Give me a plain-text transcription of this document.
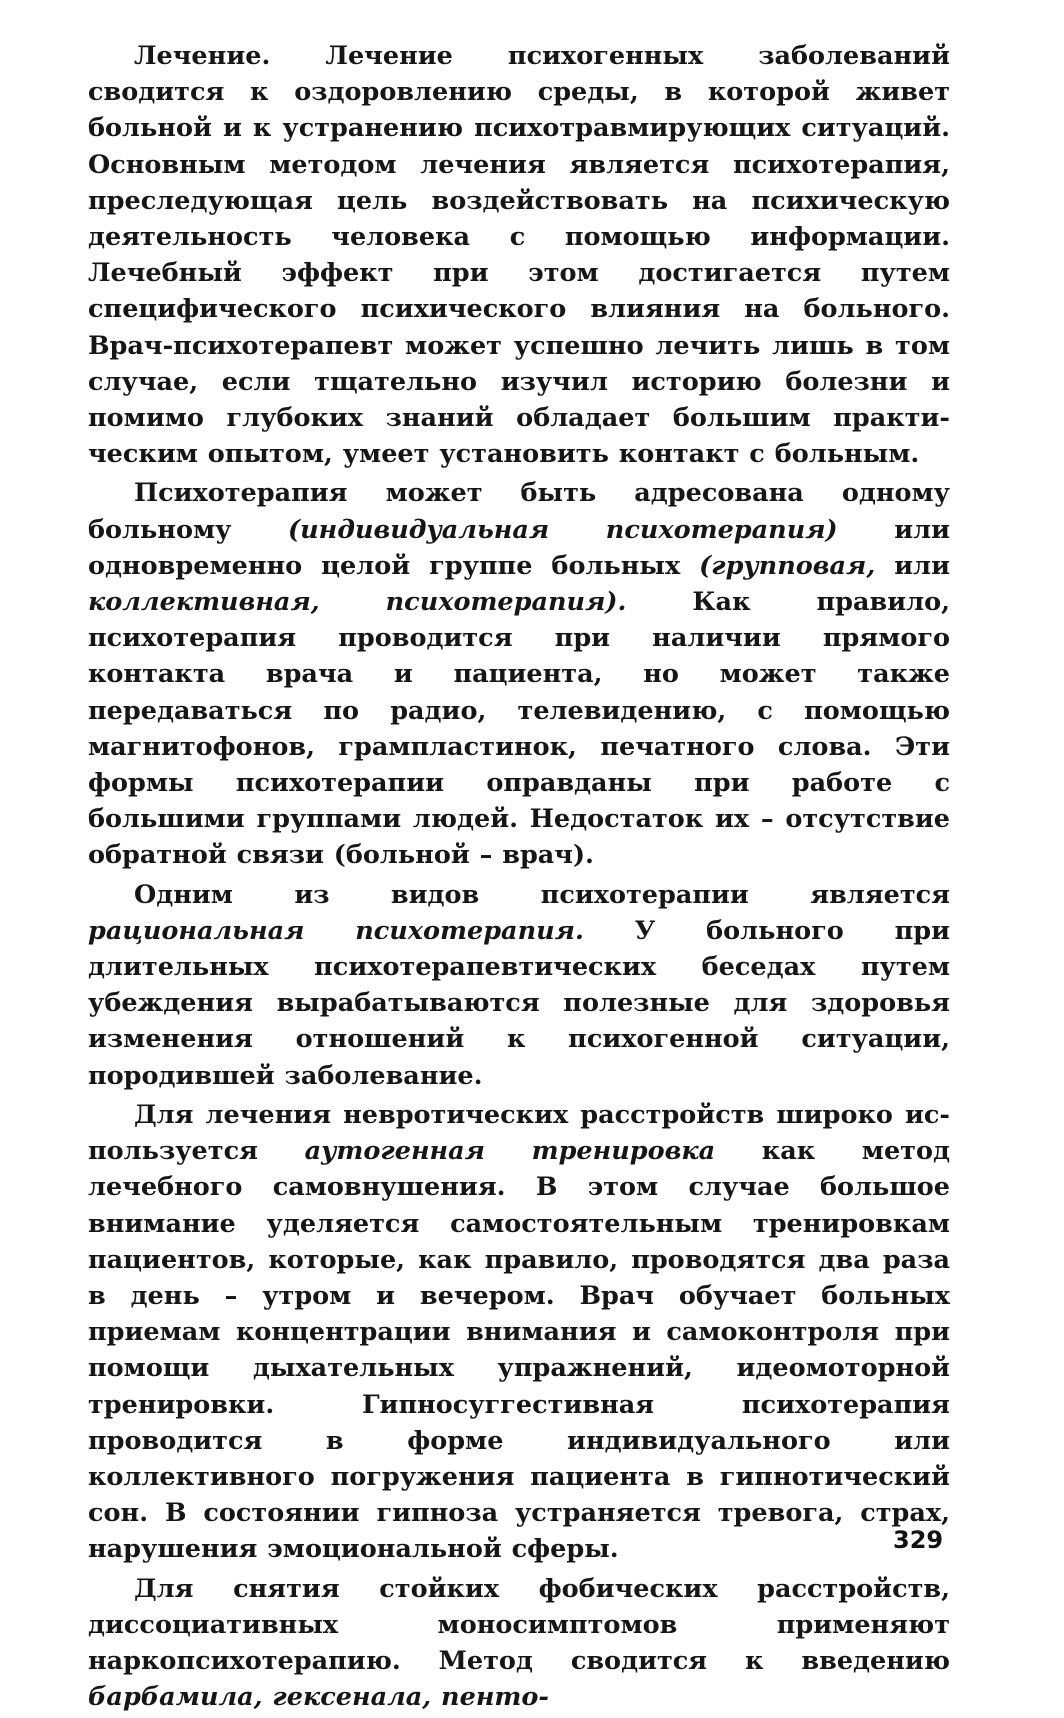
Лечение. Лечение психогенных заболеваний сводится к оздоровлению среды, в которой живет больной и к устранению психотравмирующих ситуаций. Основным методом лечения является психотерапия, преследующая цель воздействовать на психическую деятельность человека с помощью информации. Лечебный эффект при этом достигается путем специфического психического влияния на больного. Врач-психотерапевт может успешно лечить лишь в том случае, если тщательно изучил историю болезни и помимо глубоких знаний обладает большим практическим опытом, умеет установить контакт с больным.

Психотерапия может быть адресована одному больному (индивидуальная психотерапия) или одновременно целой группе больных (групповая, или коллективная, психотерапия). Как правило, психотерапия проводится при наличии прямого контакта врача и пациента, но может также передаваться по радио, телевидению, с помощью магнитофонов, грампластинок, печатного слова. Эти формы психотерапии оправданы при работе с большими группами людей. Недостаток их – отсутствие обратной связи (больной – врач).

Одним из видов психотерапии является рациональная психотерапия. У больного при длительных психотерапевтических беседах путем убеждения вырабатываются полезные для здоровья изменения отношений к психогенной ситуации, породившей заболевание.

Для лечения невротических расстройств широко используется аутогенная тренировка как метод лечебного самовнушения. В этом случае большое внимание уделяется самостоятельным тренировкам пациентов, которые, как правило, проводятся два раза в день – утром и вечером. Врач обучает больных приемам концентрации внимания и самоконтроля при помощи дыхательных упражнений, идеомоторной тренировки. Гипносуггестивная психотерапия проводится в форме индивидуального или коллективного погружения пациента в гипнотический сон. В состоянии гипноза устраняется тревога, страх, нарушения эмоциональной сферы.

Для снятия стойких фобических расстройств, диссоциативных моносимптомов применяют наркопсихотерапию. Метод сводится к введению барбамила, гексенала, пенто-

329
